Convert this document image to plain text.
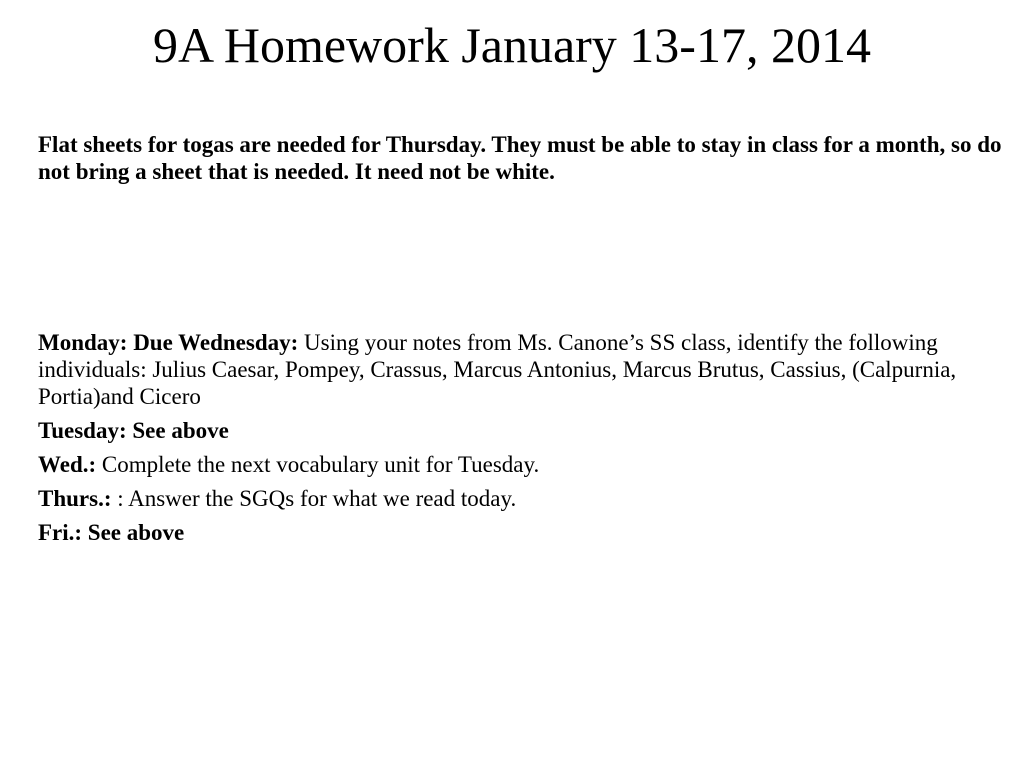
9A Homework January 13-17, 2014

Flat sheets for togas are needed for Thursday. They must be able to stay in class for a month, so do not bring a sheet that is needed. It need not be white.

Monday: Due Wednesday: Using your notes from Ms. Canone’s SS class, identify the following individuals: Julius Caesar, Pompey, Crassus, Marcus Antonius, Marcus Brutus, Cassius, (Calpurnia, Portia)and Cicero
Tuesday: See above
Wed.: Complete the next vocabulary unit for Tuesday.
Thurs.: : Answer the SGQs for what we read today.
Fri.: See above
